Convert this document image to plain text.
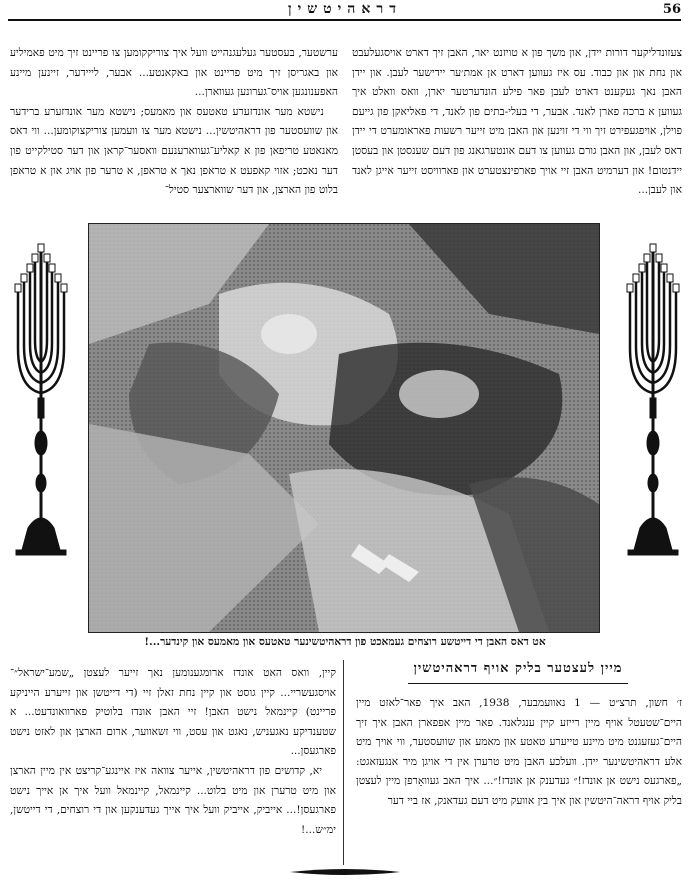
דראהיטשין	56

צעזונדליקער דורות יידן, און משך פון א טויזנט יאר, האבן זיך דארט אויסגעלעבט און נחת און און כבוד. עס איז געווען דארט אן אמת׳ער יידישער לעבן. און יידן האבן נאך געקענט דארט לעבן פאר פילע הונדערטער יארן, וואס וואלט איך געווען א ברכה פארן לאנד. אבער, די בעלי-בתים פון לאנד, די פאליאקן פון גייעם פוילן, אויפגעפירט זיך ווי די זוינען און האבן מיט זייער רשעות פאראומערט די יידן דאס לעבן, און האבן גורם געווען צו דעם אונטערגאנג פון דעם שענסטן און בעסטן יידנטום! און דערמיט האבן זיי אויך פארפינצטערט און פארוויסט זייער אייגן לאנד און לעבן...

ערשטער, בעסטער געלעגנהייט וועל איך צוריקקומען צו פריינט זיך מיט פאמיליע און באגריסן זיך מיט פריינט און באקאנטע... אבער, לייידער, זיינען מיינע האפענונגען אויס־גערונען געווארן...

נישטא מער אונדזערע טאטעס און מאמעס; נישטא מער אונדזערע ברידער און שוועסטער פון דראהיטשין... נישטא מער צו וועמען צוריקצוקומען... ווי דאס מאנאטע טריפאן פון א קאליע־געווארענעם וואסער־קראן און דער סטילקייט פון דער נאכט; אזוי קאפעט א טראפן נאך א טראפן, א טרער פון אויג און א טראפן בלוט פון הארצן, און דער שווארצער סטיל־

אט דאס האבן די דייטשע רוצחים געמאכט פון דראהיטשינער טאטעס און מאמעס און קינדער...!
מיין לעצטער בליק אויף דראהיטשין

ז׳ חשון, תרצ״ט — 1 נאוועמבער, 1938, האב איך פאר־לאזט מיין היים־שטעטל אויף מיין רייזע קיין ענגלאנד. פאר מיין אפפארן האבן איך זיך היים־געזעגנט מיט מיינע טייערע טאטע און מאמע און שוועסטער, ווי אויך מיט אלע דראהיטשינער יידן. וועלכע האבן מיט טרערן אין די אויגן מיר אנגעזאגט: „פארגעס נישט אן אונדז!״ געדענק אן אונדז!״... איך האב געוואָרפן מיין לעצטן בליק אויף דראה־היטשין און איך בין אוועק מיט דעם געדאנק, אז ביי דער

קיין, וואס האט אונדז ארומגענומען נאך זייער לעצטן „שמע־ישראל״־אויסגעשריי... קיין גוסט און קיין נחת זאלן זיי (די דייטשן און זייערע הייניקע פריינט) קיינמאל נישט האבן! זיי האבן אונדז בלוטיק פארוואונדעט... א שטענדיקע נאגעניש, נאגט און עסט, ווי זשאווער, ארום הארצן און לאזט נישט פארגעסן...

יא, קדושים פון דראהיטשין, אייער צוואה איז איינגע־קריצט אין מיין הארצן און מיט טרערן און מיט בלוט... קיינמאל, קיינמאל וועל איך אן אייך נישט פארגעסן!... אייביק, אייביק וועל איך אייך געדענקען און די רוצחים, די דייטשן, ימ״ש...!
